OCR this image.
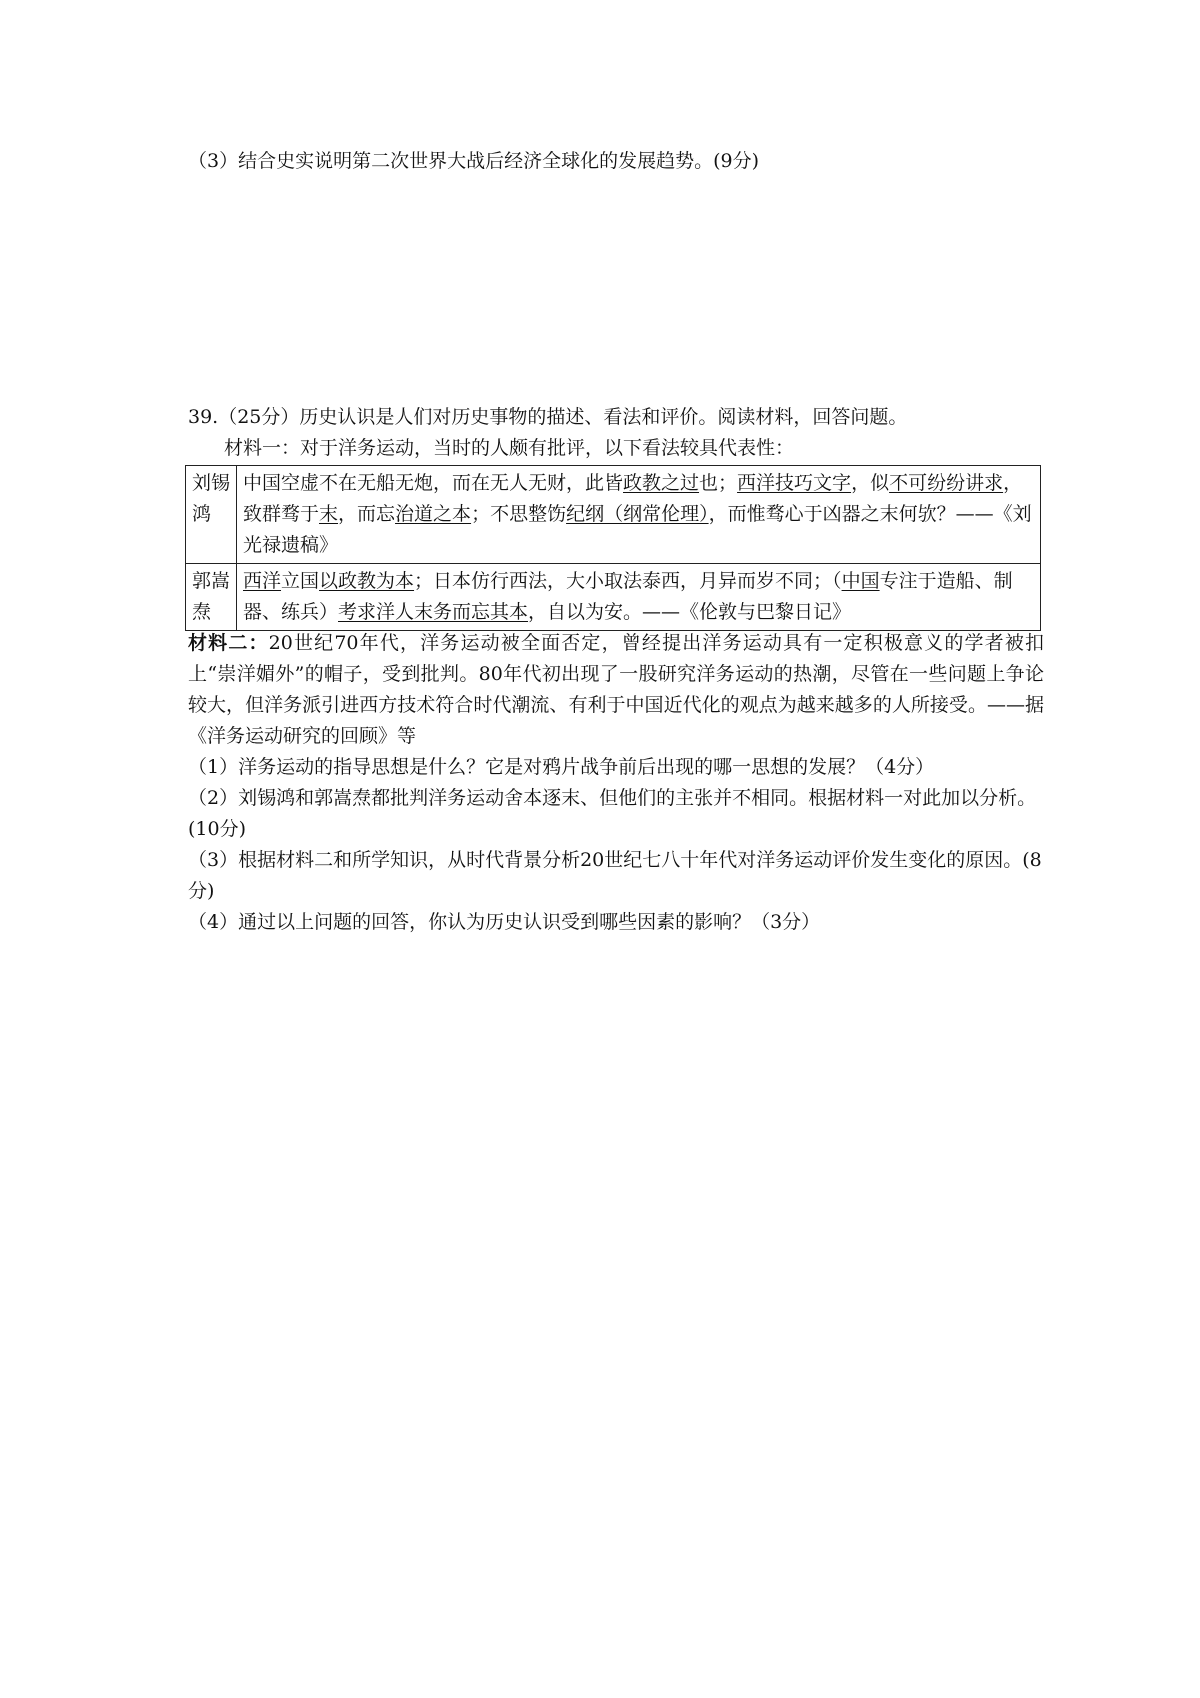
（3）结合史实说明第二次世界大战后经济全球化的发展趋势。(9分)
39.（25分）历史认识是人们对历史事物的描述、看法和评价。阅读材料，回答问题。
材料一：对于洋务运动，当时的人颇有批评，以下看法较具代表性：
刘锡鸿	中国空虚不在无船无炮，而在无人无财，此皆政教之过也；西洋技巧文字，似不可纷纷讲求，致群骛于末，而忘治道之本；不思整饬纪纲（纲常伦理），而惟骛心于凶器之末何欤？——《刘光禄遗稿》
郭嵩焘	西洋立国以政教为本；日本仿行西法，大小取法泰西，月异而岁不同；（中国专注于造船、制器、练兵）考求洋人末务而忘其本，自以为安。——《伦敦与巴黎日记》
材料二：20世纪70年代，洋务运动被全面否定，曾经提出洋务运动具有一定积极意义的学者被扣上“崇洋媚外”的帽子，受到批判。80年代初出现了一股研究洋务运动的热潮，尽管在一些问题上争论较大，但洋务派引进西方技术符合时代潮流、有利于中国近代化的观点为越来越多的人所接受。——据《洋务运动研究的回顾》等
（1）洋务运动的指导思想是什么？它是对鸦片战争前后出现的哪一思想的发展？（4分）
（2）刘锡鸿和郭嵩焘都批判洋务运动舍本逐末、但他们的主张并不相同。根据材料一对此加以分析。(10分)
（3）根据材料二和所学知识，从时代背景分析20世纪七八十年代对洋务运动评价发生变化的原因。(8分)
（4）通过以上问题的回答，你认为历史认识受到哪些因素的影响？（3分）
